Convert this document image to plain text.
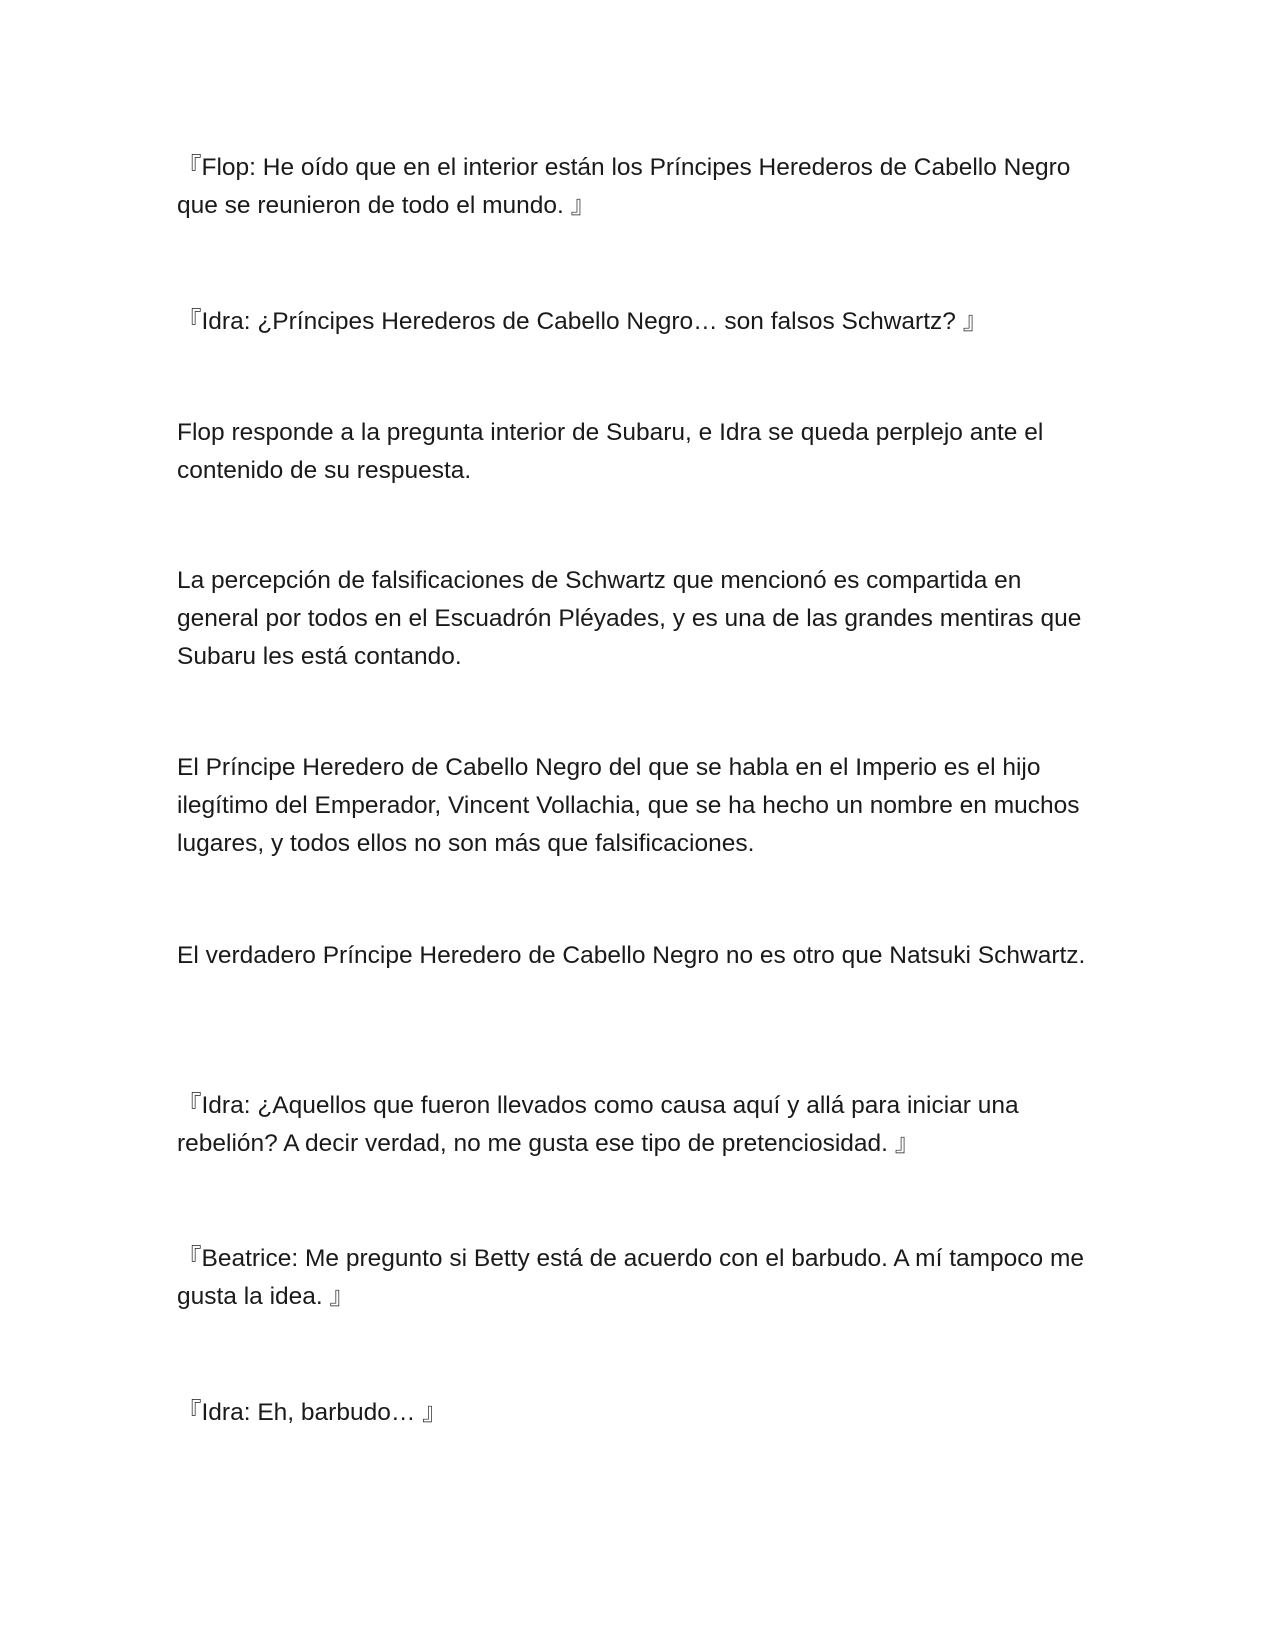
『Flop: He oído que en el interior están los Príncipes Herederos de Cabello Negro que se reunieron de todo el mundo. 』

『Idra: ¿Príncipes Herederos de Cabello Negro… son falsos Schwartz? 』

Flop responde a la pregunta interior de Subaru, e Idra se queda perplejo ante el contenido de su respuesta.

La percepción de falsificaciones de Schwartz que mencionó es compartida en general por todos en el Escuadrón Pléyades, y es una de las grandes mentiras que Subaru les está contando.

El Príncipe Heredero de Cabello Negro del que se habla en el Imperio es el hijo ilegítimo del Emperador, Vincent Vollachia, que se ha hecho un nombre en muchos lugares, y todos ellos no son más que falsificaciones.

El verdadero Príncipe Heredero de Cabello Negro no es otro que Natsuki Schwartz.

『Idra: ¿Aquellos que fueron llevados como causa aquí y allá para iniciar una rebelión? A decir verdad, no me gusta ese tipo de pretenciosidad. 』

『Beatrice: Me pregunto si Betty está de acuerdo con el barbudo. A mí tampoco me gusta la idea. 』

『Idra: Eh, barbudo… 』
